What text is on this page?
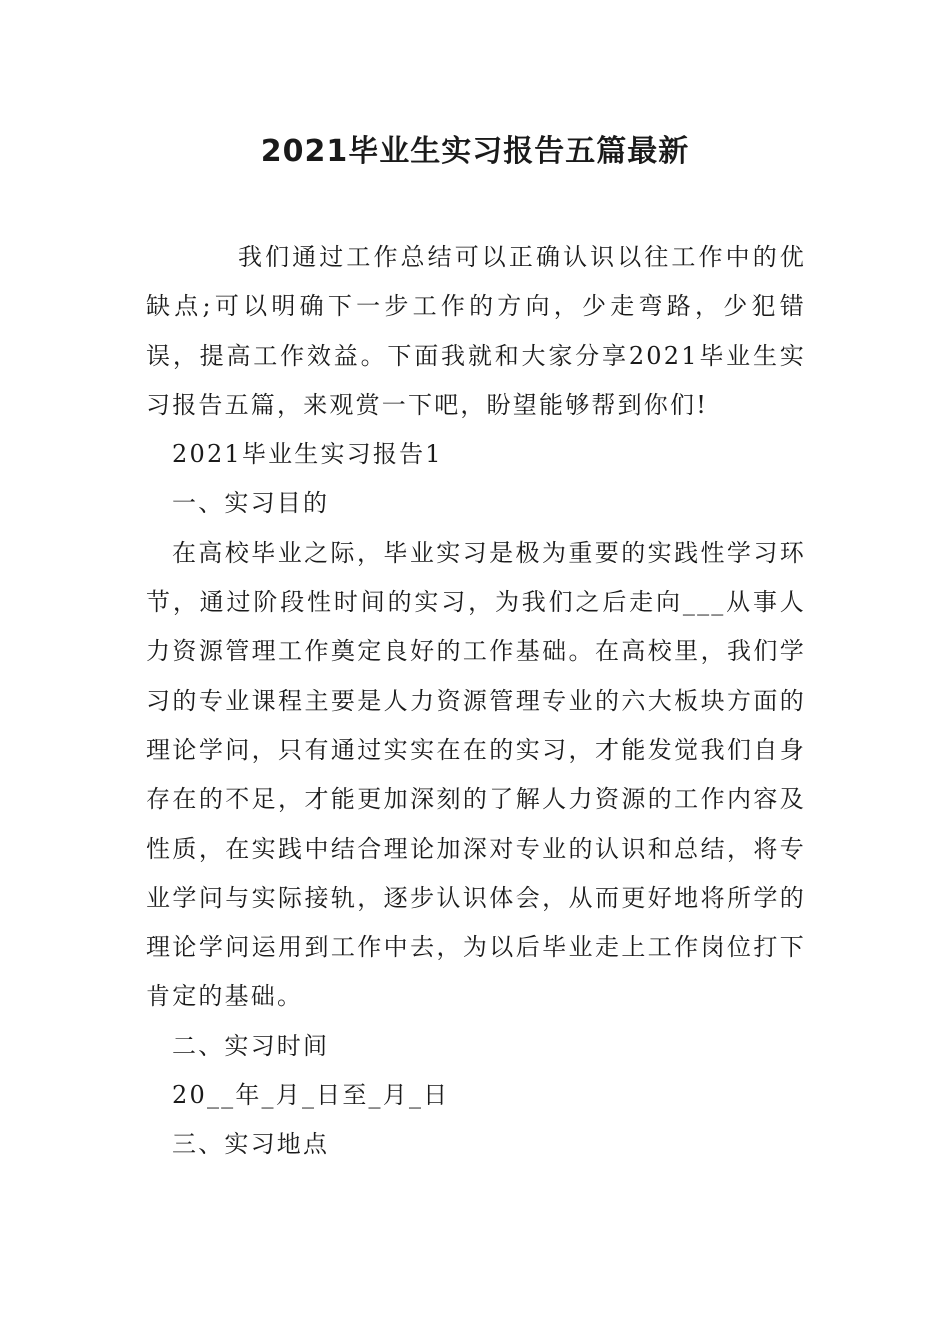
2021毕业生实习报告五篇最新

我们通过工作总结可以正确认识以往工作中的优缺点;可以明确下一步工作的方向，少走弯路，少犯错误，提高工作效益。下面我就和大家分享2021毕业生实习报告五篇，来观赏一下吧，盼望能够帮到你们!

2021毕业生实习报告1

一、实习目的

在高校毕业之际，毕业实习是极为重要的实践性学习环节，通过阶段性时间的实习，为我们之后走向___从事人力资源管理工作奠定良好的工作基础。在高校里，我们学习的专业课程主要是人力资源管理专业的六大板块方面的理论学问，只有通过实实在在的实习，才能发觉我们自身存在的不足，才能更加深刻的了解人力资源的工作内容及性质，在实践中结合理论加深对专业的认识和总结，将专业学问与实际接轨，逐步认识体会，从而更好地将所学的理论学问运用到工作中去，为以后毕业走上工作岗位打下肯定的基础。

二、实习时间

20__年_月_日至_月_日

三、实习地点
